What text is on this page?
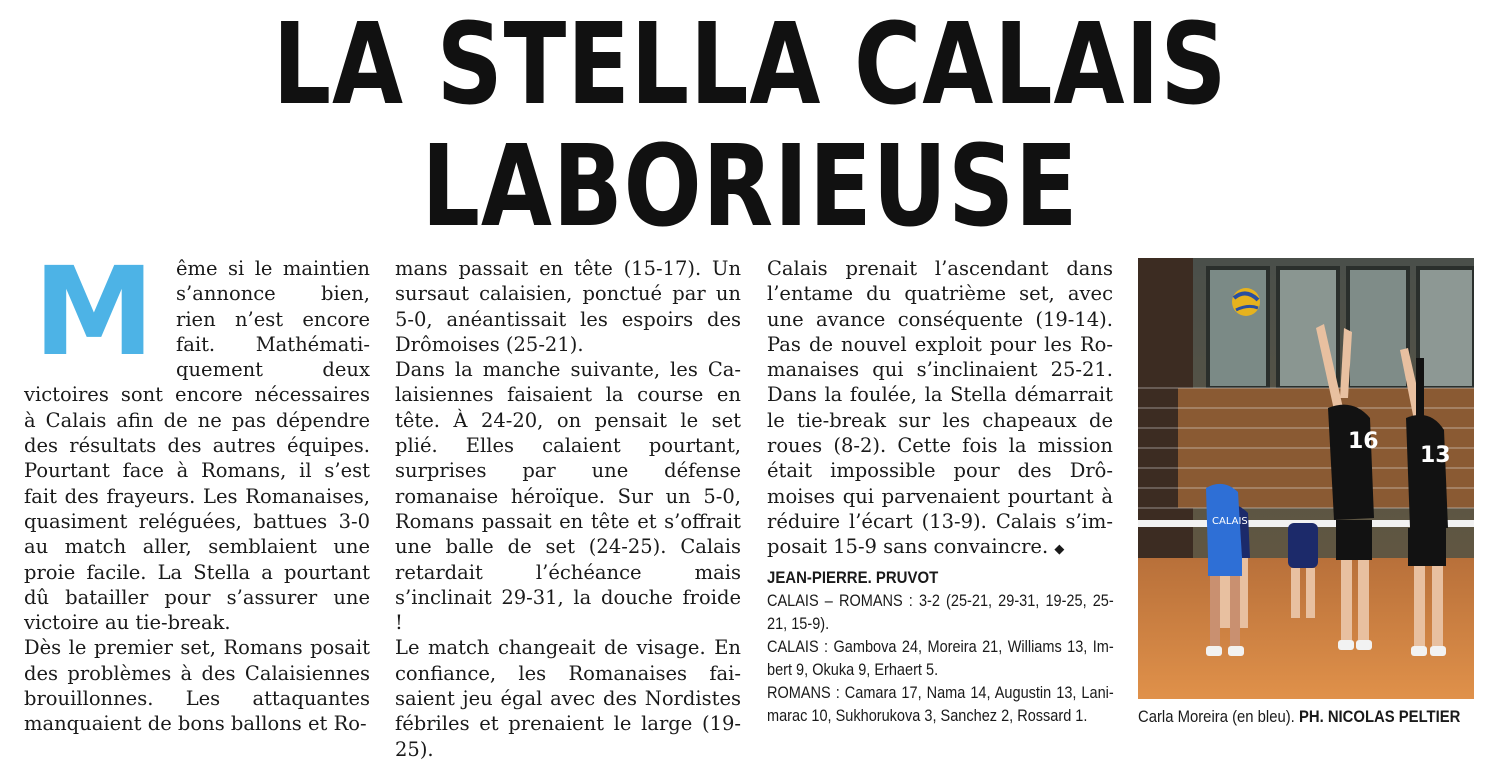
LA STELLA CALAIS
LABORIEUSE

M	ême si le maintien s’annonce bien, rien n’est encore fait. Mathématiquement deux victoires sont encore nécessaires à Calais afin de ne pas dépendre des résultats des autres équipes. Pourtant face à Romans, il s’est fait des frayeurs. Les Romanaises, quasiment reléguées, battues 3-0 au match aller, semblaient une proie facile. La Stella a pourtant dû batailler pour s’assurer une victoire au tie-break.

Dès le premier set, Romans posait des problèmes à des Calaisiennes brouillonnes. Les attaquantes manquaient de bons ballons et Ro-

mans passait en tête (15-17). Un sursaut calaisien, ponctué par un 5-0, anéantissait les espoirs des Drômoises (25-21).

Dans la manche suivante, les Calaisiennes faisaient la course en tête. À 24-20, on pensait le set plié. Elles calaient pourtant, surprises par une défense romanaise héroïque. Sur un 5-0, Romans passait en tête et s’offrait une balle de set (24-25). Calais retardait l’échéance mais s’inclinait 29-31, la douche froide !

Le match changeait de visage. En confiance, les Romanaises faisaient jeu égal avec des Nordistes fébriles et prenaient le large (19-25).

Calais prenait l’ascendant dans l’entame du quatrième set, avec une avance conséquente (19-14). Pas de nouvel exploit pour les Romanaises qui s’inclinaient 25-21. Dans la foulée, la Stella démarrait le tie-break sur les chapeaux de roues (8-2). Cette fois la mission était impossible pour des Drômoises qui parvenaient pourtant à réduire l’écart (13-9). Calais s’imposait 15-9 sans convaincre. ◆

JEAN-PIERRE. PRUVOT

CALAIS – ROMANS : 3-2 (25-21, 29-31, 19-25, 25-21, 15-9).

CALAIS : Gambova 24, Moreira 21, Williams 13, Imbert 9, Okuka 9, Erhaert 5.

ROMANS : Camara 17, Nama 14, Augustin 13, Lanimarac 10, Sukhorukova 3, Sanchez 2, Rossard 1.

16
13
CALAIS
Carla Moreira (en bleu). PH. NICOLAS PELTIER
